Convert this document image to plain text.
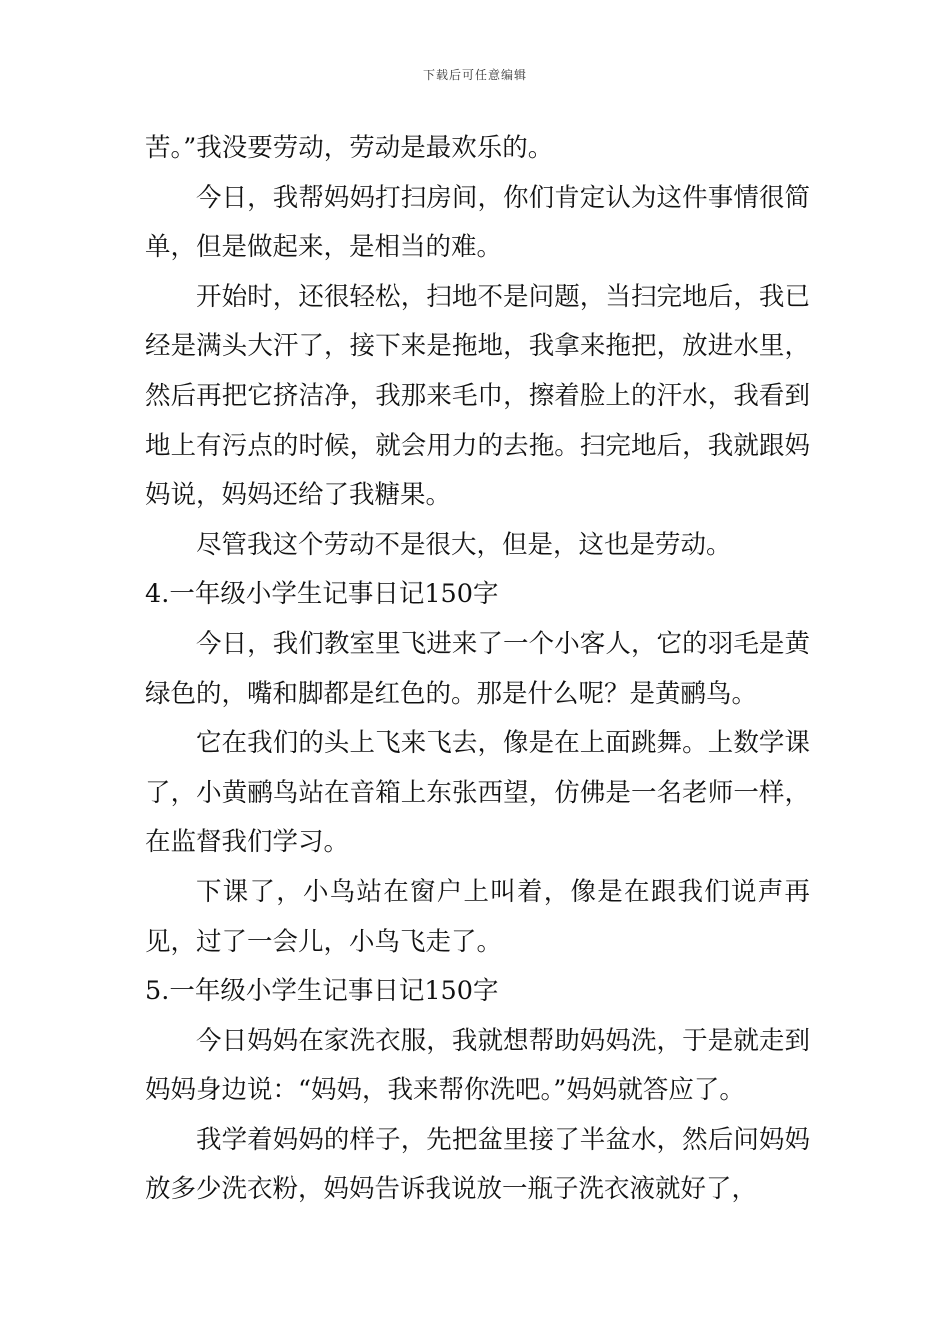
下载后可任意编辑

苦。”我没要劳动，劳动是最欢乐的。

今日，我帮妈妈打扫房间，你们肯定认为这件事情很简单，但是做起来，是相当的难。

开始时，还很轻松，扫地不是问题，当扫完地后，我已经是满头大汗了，接下来是拖地，我拿来拖把，放进水里，然后再把它挤洁净，我那来毛巾，擦着脸上的汗水，我看到地上有污点的时候，就会用力的去拖。扫完地后，我就跟妈妈说，妈妈还给了我糖果。

尽管我这个劳动不是很大，但是，这也是劳动。

4.一年级小学生记事日记150字

今日，我们教室里飞进来了一个小客人，它的羽毛是黄绿色的，嘴和脚都是红色的。那是什么呢？是黄鹂鸟。

它在我们的头上飞来飞去，像是在上面跳舞。上数学课了，小黄鹂鸟站在音箱上东张西望，仿佛是一名老师一样，在监督我们学习。

下课了，小鸟站在窗户上叫着，像是在跟我们说声再见，过了一会儿，小鸟飞走了。

5.一年级小学生记事日记150字

今日妈妈在家洗衣服，我就想帮助妈妈洗，于是就走到妈妈身边说：“妈妈，我来帮你洗吧。”妈妈就答应了。

我学着妈妈的样子，先把盆里接了半盆水，然后问妈妈放多少洗衣粉，妈妈告诉我说放一瓶子洗衣液就好了，
